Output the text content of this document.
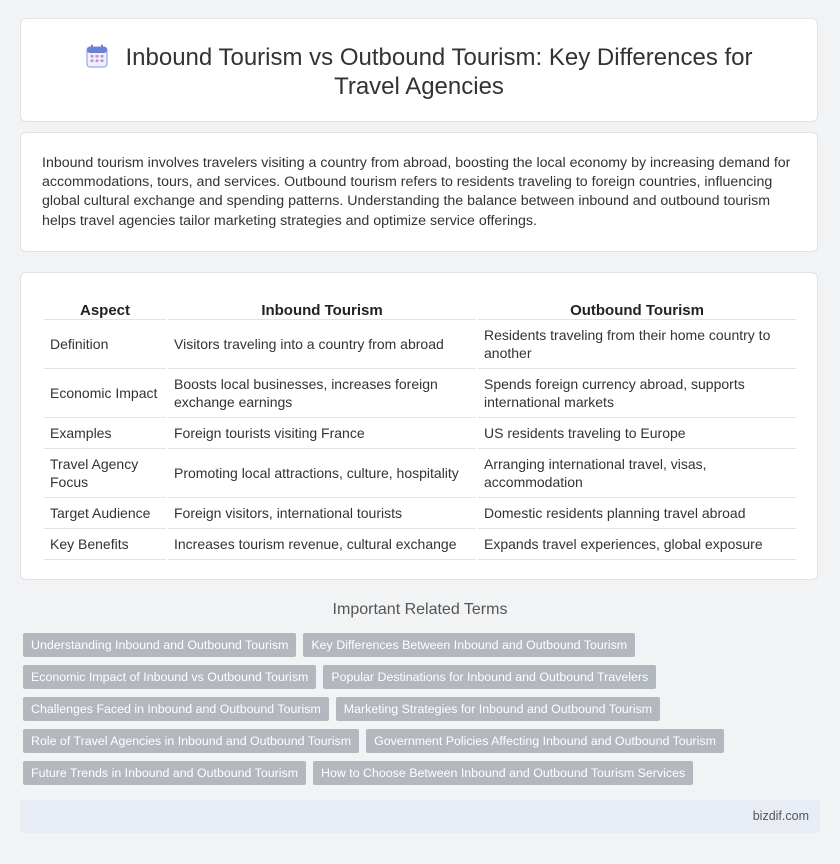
Inbound Tourism vs Outbound Tourism: Key Differences for Travel Agencies

Inbound tourism involves travelers visiting a country from abroad, boosting the local economy by increasing demand for accommodations, tours, and services. Outbound tourism refers to residents traveling to foreign countries, influencing global cultural exchange and spending patterns. Understanding the balance between inbound and outbound tourism helps travel agencies tailor marketing strategies and optimize service offerings.

Aspect	Inbound Tourism	Outbound Tourism
Definition	Visitors traveling into a country from abroad	Residents traveling from their home country to another
Economic Impact	Boosts local businesses, increases foreign exchange earnings	Spends foreign currency abroad, supports international markets
Examples	Foreign tourists visiting France	US residents traveling to Europe
Travel Agency Focus	Promoting local attractions, culture, hospitality	Arranging international travel, visas, accommodation
Target Audience	Foreign visitors, international tourists	Domestic residents planning travel abroad
Key Benefits	Increases tourism revenue, cultural exchange	Expands travel experiences, global exposure
Important Related Terms
Understanding Inbound and Outbound Tourism Key Differences Between Inbound and Outbound Tourism
Economic Impact of Inbound vs Outbound Tourism Popular Destinations for Inbound and Outbound Travelers
Challenges Faced in Inbound and Outbound Tourism Marketing Strategies for Inbound and Outbound Tourism
Role of Travel Agencies in Inbound and Outbound Tourism Government Policies Affecting Inbound and Outbound Tourism
Future Trends in Inbound and Outbound Tourism How to Choose Between Inbound and Outbound Tourism Services
bizdif.com
